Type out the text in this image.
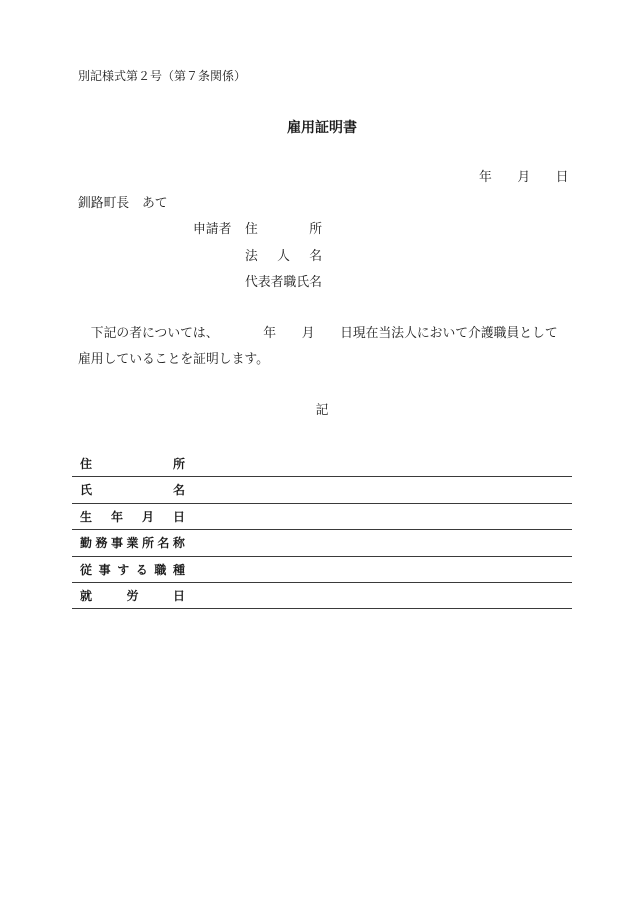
別記様式第２号（第７条関係）
雇用証明書
年　　月　　日
釧路町長　あて
申請者 住	所
法 人 名
代 表 者 職 氏 名
　下記の者については、　　　　年　　月　　日現在当法人において介護職員として
雇用していることを証明します。
記
住	所
氏	名
生 年 月 日
勤 務 事 業 所 名 称
従 事 す る 職 種
就	労	日
